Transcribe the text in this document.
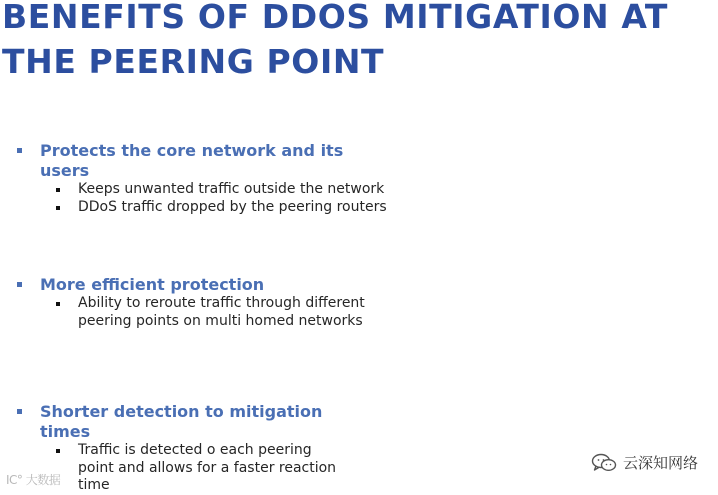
BENEFITS OF DDOS MITIGATION AT
THE PEERING POINT
Protects the core network and its users
Keeps unwanted traffic outside the network
DDoS traffic dropped by the peering routers
More efficient protection
Ability to reroute traffic through different peering points on multi homed networks
Shorter detection to mitigation times
Traffic is detected o each peering point and allows for a faster reaction time
IC° 大数据
云深知网络
